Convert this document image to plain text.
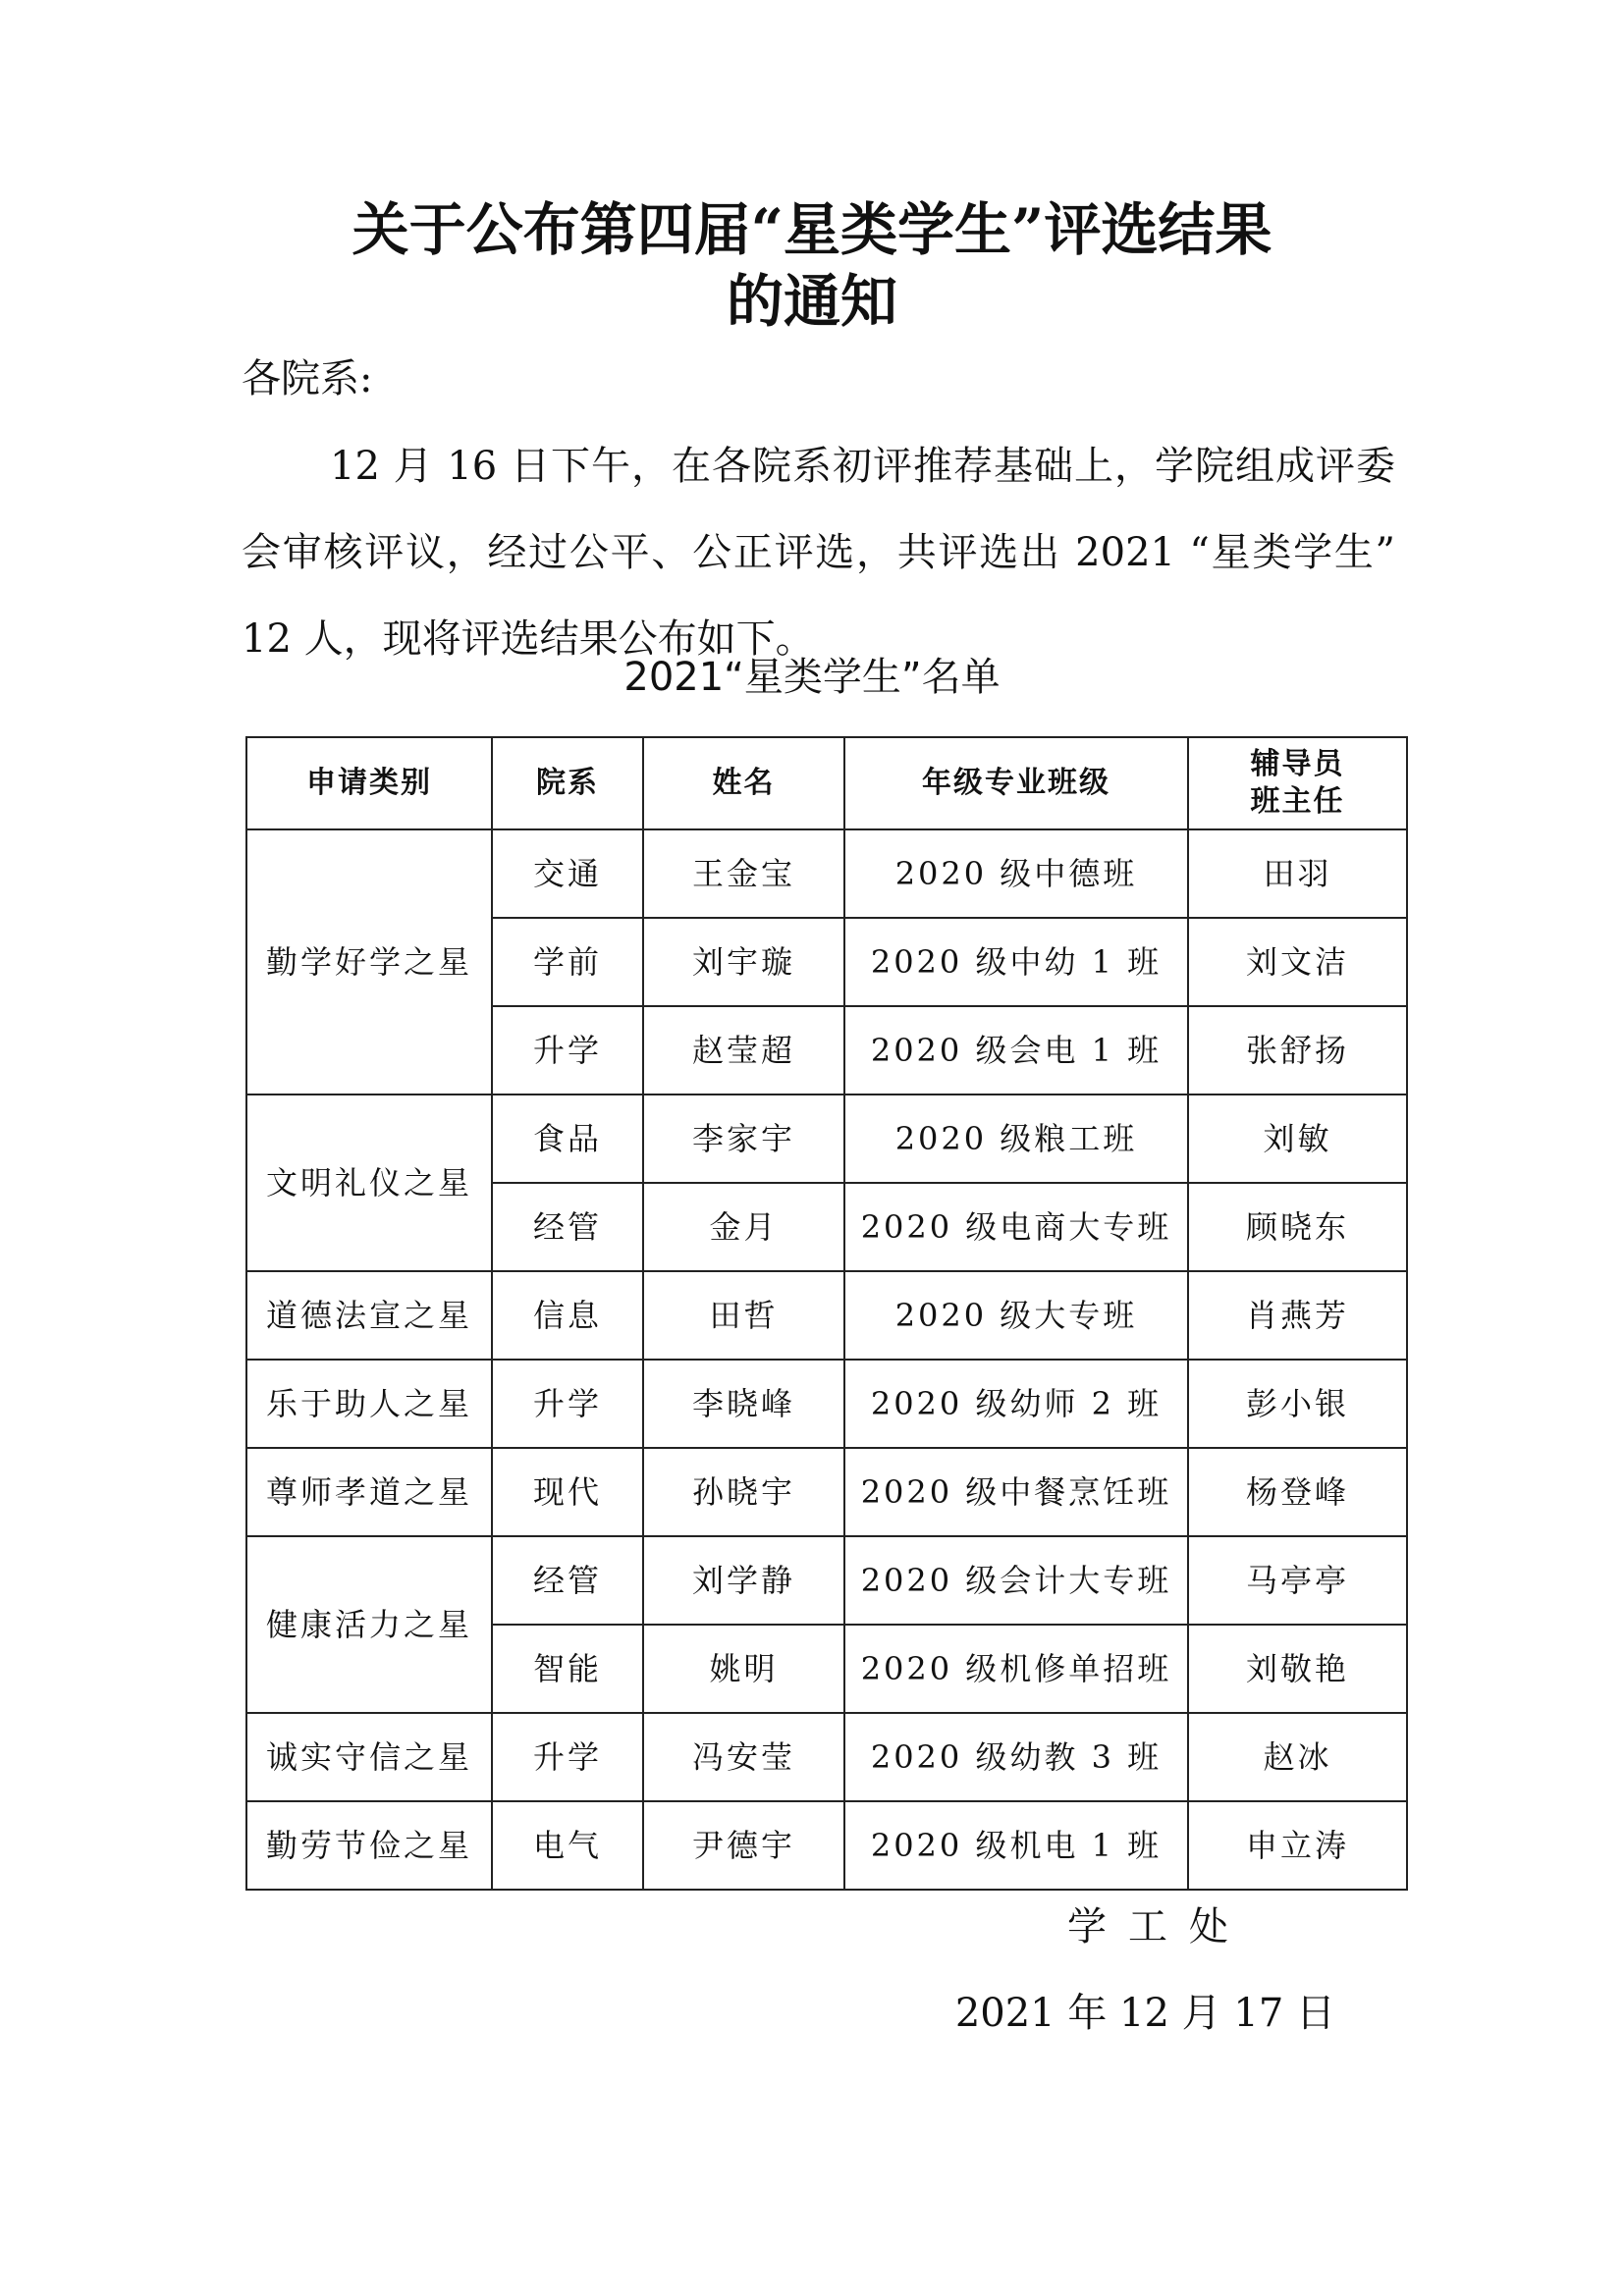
关于公布第四届“星类学生”评选结果
的通知

各院系:

12 月 16 日下午，在各院系初评推荐基础上，学院组成评委会审核评议，经过公平、公正评选，共评选出 2021 “星类学生” 12 人，现将评选结果公布如下。

2021“星类学生”名单

申请类别	院系	姓名	年级专业班级	辅导员
班主任

勤学好学之星	交通	王金宝	2020 级中德班	田羽
	学前	刘宇璇	2020 级中幼 1 班	刘文洁
	升学	赵莹超	2020 级会电 1 班	张舒扬
文明礼仪之星	食品	李家宇	2020 级粮工班	刘敏
	经管	金月	2020 级电商大专班	顾晓东
道德法宣之星	信息	田哲	2020 级大专班	肖燕芳
乐于助人之星	升学	李晓峰	2020 级幼师 2 班	彭小银
尊师孝道之星	现代	孙晓宇	2020 级中餐烹饪班	杨登峰
健康活力之星	经管	刘学静	2020 级会计大专班	马亭亭
	智能	姚明	2020 级机修单招班	刘敬艳
诚实守信之星	升学	冯安莹	2020 级幼教 3 班	赵冰
勤劳节俭之星	电气	尹德宇	2020 级机电 1 班	申立涛

学工处

2021 年 12 月 17 日
